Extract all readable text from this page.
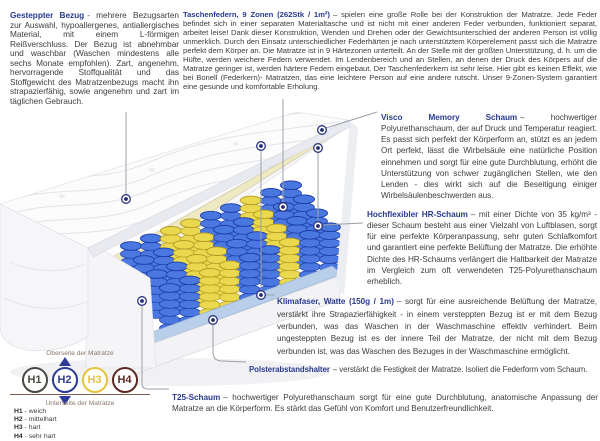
Gesteppter Bezug - mehrere Bezugsarten zur Auswahl, hypoallergenes, antiallergisches Material, mit einem L-förmigen Reißverschluss. Der Bezug ist abnehmbar und waschbar (Waschen mindestens alle sechs Monate empfohlen). Zart, angenehm, hervorragende Stoffqualität und das Stoffgewicht des Matratzenbezugs macht ihn strapazierfähig, sowie angenehm und zart im täglichen Gebrauch.

Taschenfedern, 9 Zonen (262Stk / 1m²) – spielen eine große Rolle bei der Konstruktion der Matratze. Jede Feder befindet sich in einer separaten Materialtasche und ist nicht mit einer anderen Feder verbunden, funktioniert separat, arbeitet leise! Dank dieser Konstruktion, Wenden und Drehen oder der Gewichtsunterschied der anderen Person ist völlig unmerklich. Durch den Einsatz unterschiedlicher Federhärten je nach unterstütztem Körperelement passt sich die Matratze perfekt dem Körper an. Die Matratze ist in 9 Härtezonen unterteilt. An der Stelle mit der größten Unterstützung, d. h. um die Hüfte, werden weichere Federn verwendet. Im Lendenbereich und an Stellen, an denen der Druck des Körpers auf die Matratze geringer ist, werden härtere Federn eingebaut. Der Taschenfederkern ist sehr leise. Hier gibt es keinen Effekt, wie bei Bonell (Federkern)- Matratzen, das eine leichtere Person auf eine andere rutscht. Unser 9-Zonen-System garantiert eine gesunde und komfortable Erholung.

Visco Memory Schaum – hochwertiger Polyurethanschaum, der auf Druck und Temperatur reagiert. Es passt sich perfekt der Körperform an, stützt es an jedem Ort perfekt, lässt die Wirbelsäule eine natürliche Position einnehmen und sorgt für eine gute Durchblutung, erhöht die Unterstützung von schwer zugänglichen Stellen, wie den Lenden - dies wirkt sich auf die Beseitigung einiger Wirbelsäulenbeschwerden aus.

Hochflexibler HR-Schaum – mit einer Dichte von 35 kg/m³ - dieser Schaum besteht aus einer Vielzahl von Luftblasen, sorgt für eine perfekte Körperanpassung, sehr guten Schlafkomfort und garantiert eine perfekte Belüftung der Matratze. Die erhöhte Dichte des HR-Schaums verlängert die Haltbarkeit der Matratze im Vergleich zum oft verwendeten T25-Polyurethanschaum erheblich.

Klimafaser, Watte (150g / 1m) – sorgt für eine ausreichende Belüftung der Matratze, verstärkt ihre Strapazierfähigkeit - in einem versteppten Bezug ist er mit dem Bezug verbunden, was das Waschen in der Waschmaschine effektiv verhindert. Beim ungesteppten Bezug ist es der innere Teil der Matratze, der nicht mit dem Bezug verbunden ist, was das Waschen des Bezuges in der Waschmaschine ermöglicht.

Polsterabstandshalter – verstärkt die Festigkeit der Matratze. Isoliert die Federform vom Schaum.

T25-Schaum – hochwertiger Polyurethanschaum sorgt für eine gute Durchblutung, anatomische Anpassung der Matratze an die Körperform. Es stärkt das Gefühl von Komfort und Benutzerfreundlichkeit.

Oberseite der Matratze
H1	H2	H3	H4
Unterseite der Matratze
H1 - weich
H2 - mittelhart
H3 - hart
H4 - sehr hart
